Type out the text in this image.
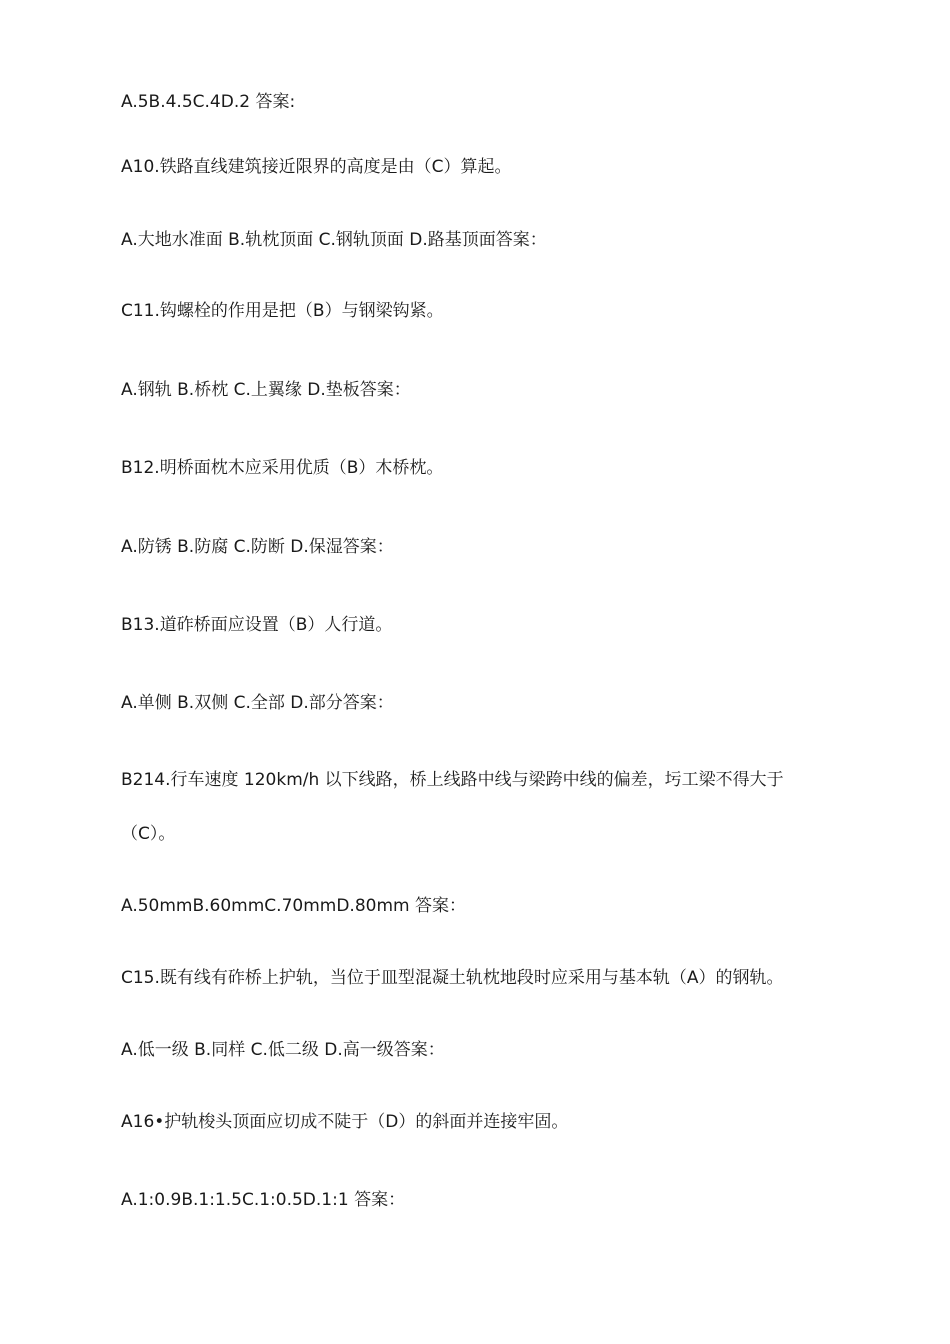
A.5B.4.5C.4D.2 答案:

A10.铁路直线建筑接近限界的高度是由（C）算起。

A.大地水准面 B.轨枕顶面 C.钢轨顶面 D.路基顶面答案：

C11.钩螺栓的作用是把（B）与钢梁钩紧。

A.钢轨 B.桥枕 C.上翼缘 D.垫板答案：

B12.明桥面枕木应采用优质（B）木桥枕。

A.防锈 B.防腐 C.防断 D.保湿答案：

B13.道砟桥面应设置（B）人行道。

A.单侧 B.双侧 C.全部 D.部分答案：

B214.行车速度 120km/h 以下线路，桥上线路中线与梁跨中线的偏差，圬工梁不得大于

（C）。

A.50mmB.60mmC.70mmD.80mm 答案：

C15.既有线有砟桥上护轨，当位于皿型混凝土轨枕地段时应采用与基本轨（A）的钢轨。

A.低一级 B.同样 C.低二级 D.高一级答案：

A16•护轨梭头顶面应切成不陡于（D）的斜面并连接牢固。

A.1:0.9B.1:1.5C.1:0.5D.1:1 答案：
